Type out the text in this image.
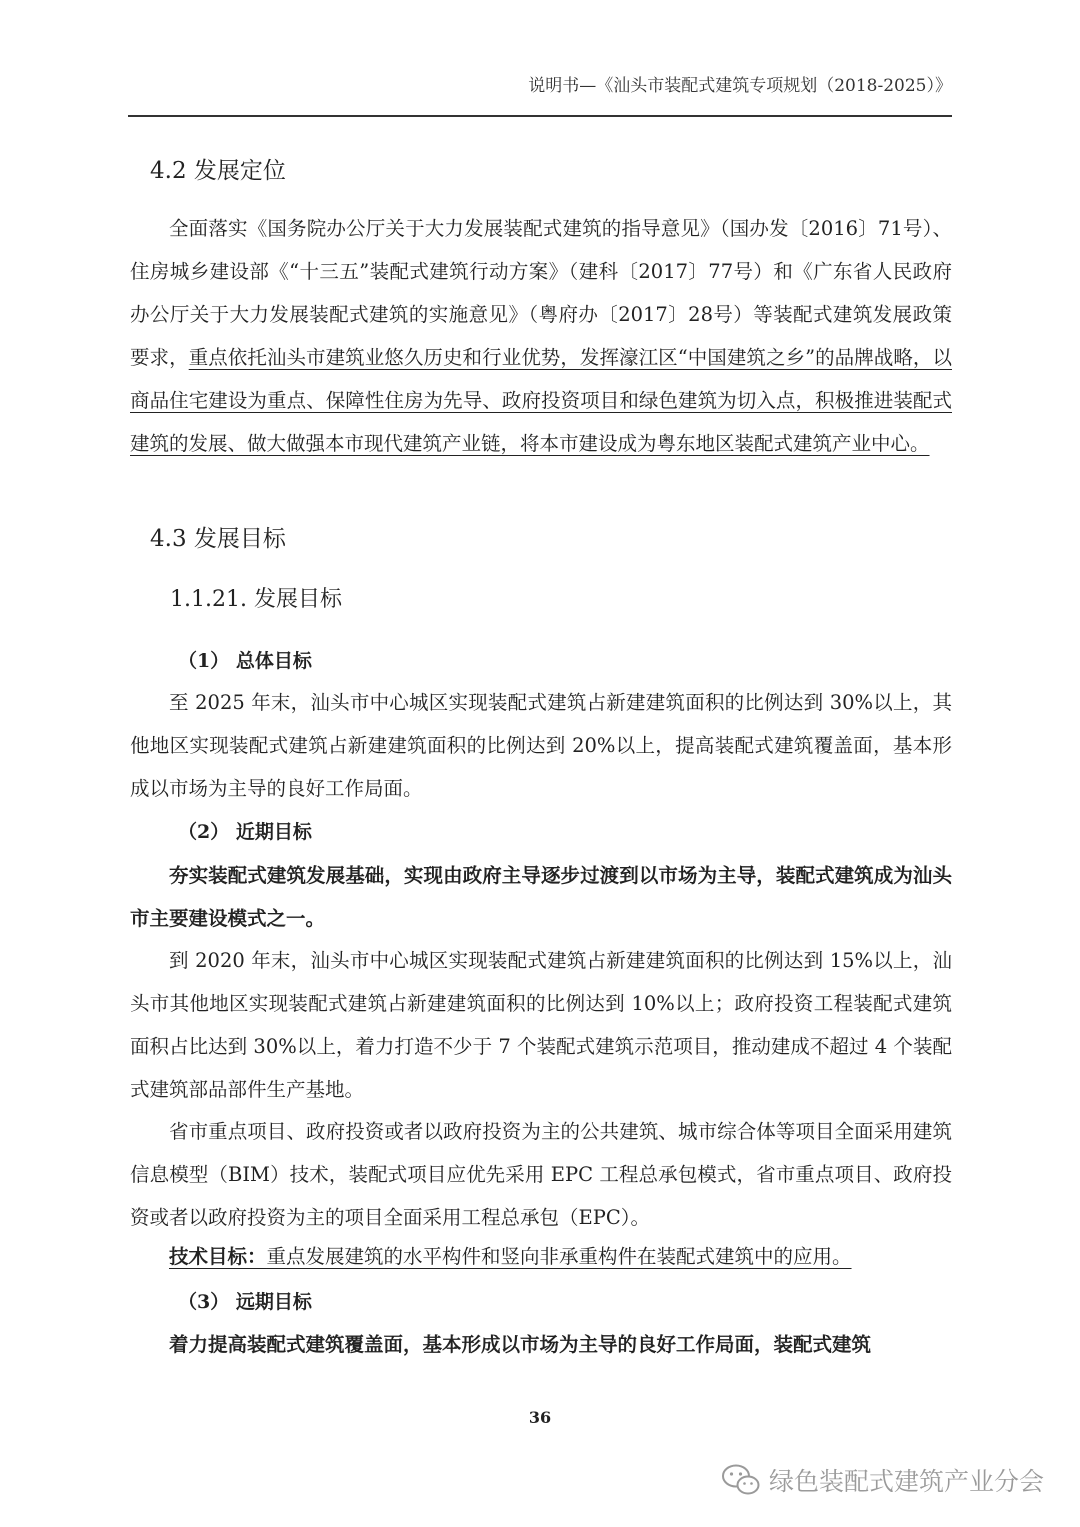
说明书—《汕头市装配式建筑专项规划（2018-2025）》
4.2 发展定位
全面落实《国务院办公厅关于大力发展装配式建筑的指导意见》（国办发〔2016〕71号）、住房城乡建设部《“十三五”装配式建筑行动方案》（建科〔2017〕77号）和《广东省人民政府办公厅关于大力发展装配式建筑的实施意见》（粤府办〔2017〕28号）等装配式建筑发展政策要求，重点依托汕头市建筑业悠久历史和行业优势，发挥濠江区“中国建筑之乡”的品牌战略，以商品住宅建设为重点、保障性住房为先导、政府投资项目和绿色建筑为切入点，积极推进装配式建筑的发展、做大做强本市现代建筑产业链，将本市建设成为粤东地区装配式建筑产业中心。
4.3 发展目标
1.1.21. 发展目标
（1） 总体目标
至 2025 年末，汕头市中心城区实现装配式建筑占新建建筑面积的比例达到 30%以上，其他地区实现装配式建筑占新建建筑面积的比例达到 20%以上，提高装配式建筑覆盖面，基本形成以市场为主导的良好工作局面。
（2） 近期目标
夯实装配式建筑发展基础，实现由政府主导逐步过渡到以市场为主导，装配式建筑成为汕头市主要建设模式之一。
到 2020 年末，汕头市中心城区实现装配式建筑占新建建筑面积的比例达到 15%以上，汕头市其他地区实现装配式建筑占新建建筑面积的比例达到 10%以上；政府投资工程装配式建筑面积占比达到 30%以上，着力打造不少于 7 个装配式建筑示范项目，推动建成不超过 4 个装配式建筑部品部件生产基地。
省市重点项目、政府投资或者以政府投资为主的公共建筑、城市综合体等项目全面采用建筑信息模型（BIM）技术，装配式项目应优先采用 EPC 工程总承包模式，省市重点项目、政府投资或者以政府投资为主的项目全面采用工程总承包（EPC）。
技术目标：重点发展建筑的水平构件和竖向非承重构件在装配式建筑中的应用。
（3） 远期目标
着力提高装配式建筑覆盖面，基本形成以市场为主导的良好工作局面，装配式建筑
36
绿色装配式建筑产业分会
